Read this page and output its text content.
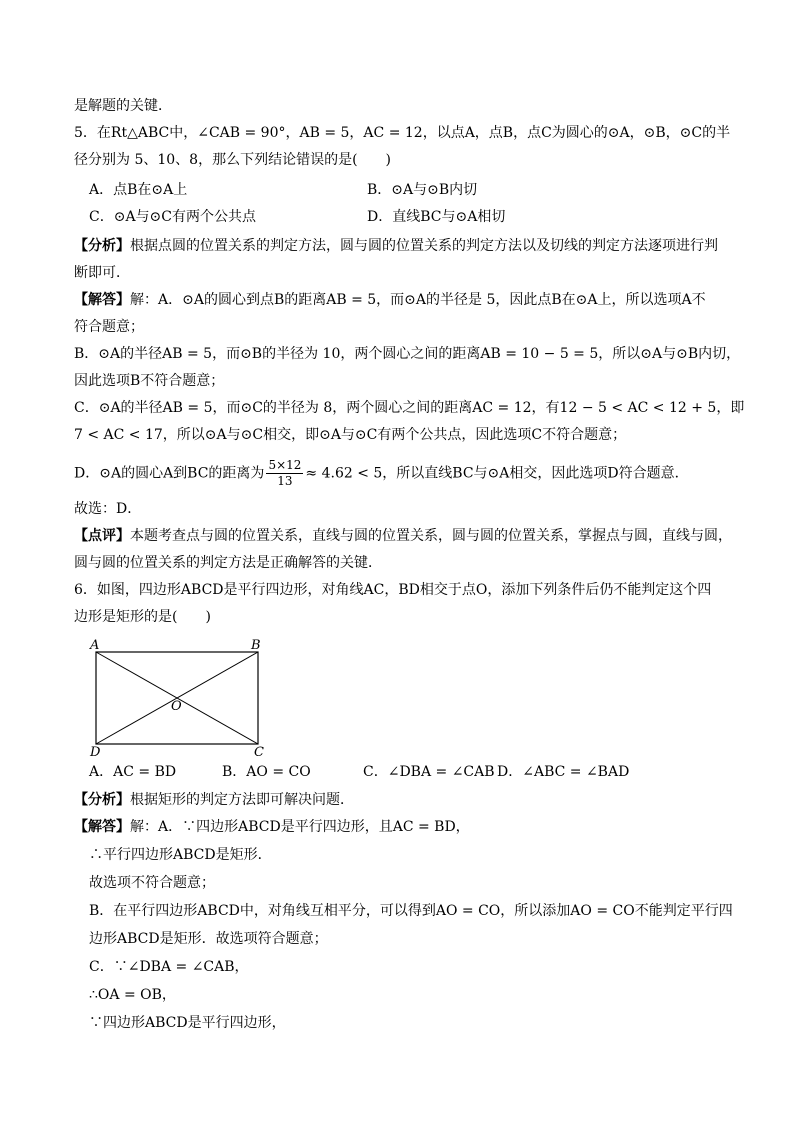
是解题的关键．
5．在Rt△ABC中，∠CAB = 90°，AB = 5，AC = 12，以点A，点B，点C为圆心的⊙A，⊙B，⊙C的半
径分别为 5、10、8，那么下列结论错误的是(　　)
A．点B在⊙A上	B．⊙A与⊙B内切
C．⊙A与⊙C有两个公共点	D．直线BC与⊙A相切
【分析】根据点圆的位置关系的判定方法，圆与圆的位置关系的判定方法以及切线的判定方法逐项进行判
断即可．
【解答】解：A．⊙A的圆心到点B的距离AB = 5，而⊙A的半径是 5，因此点B在⊙A上，所以选项A不
符合题意；
B．⊙A的半径AB = 5，而⊙B的半径为 10，两个圆心之间的距离AB = 10 − 5 = 5，所以⊙A与⊙B内切，
因此选项B不符合题意；
C．⊙A的半径AB = 5，而⊙C的半径为 8，两个圆心之间的距离AC = 12，有12 − 5 < AC < 12 + 5，即
7 < AC < 17，所以⊙A与⊙C相交，即⊙A与⊙C有两个公共点，因此选项C不符合题意；
D．⊙A的圆心A到BC的距离为 $\frac{5\times 12}{13} \approx 4.62 < 5$，所以直线BC与⊙A相交，因此选项D符合题意．
故选：D．
【点评】本题考查点与圆的位置关系，直线与圆的位置关系，圆与圆的位置关系，掌握点与圆，直线与圆，
圆与圆的位置关系的判定方法是正确解答的关键．
6．如图，四边形ABCD是平行四边形，对角线AC，BD相交于点O，添加下列条件后仍不能判定这个四
边形是矩形的是(　　)
A	B
C
D
O
A．AC = BD	B．AO = CO	C．∠DBA = ∠CAB D．∠ABC = ∠BAD
【分析】根据矩形的判定方法即可解决问题．
【解答】解：A．∵四边形ABCD是平行四边形，且AC = BD，
∴平行四边形ABCD是矩形．
故选项不符合题意；
B．在平行四边形ABCD中，对角线互相平分，可以得到AO = CO，所以添加AO = CO不能判定平行四
边形ABCD是矩形．故选项符合题意；
C．∵∠DBA = ∠CAB，
∴OA = OB，
∵四边形ABCD是平行四边形，
